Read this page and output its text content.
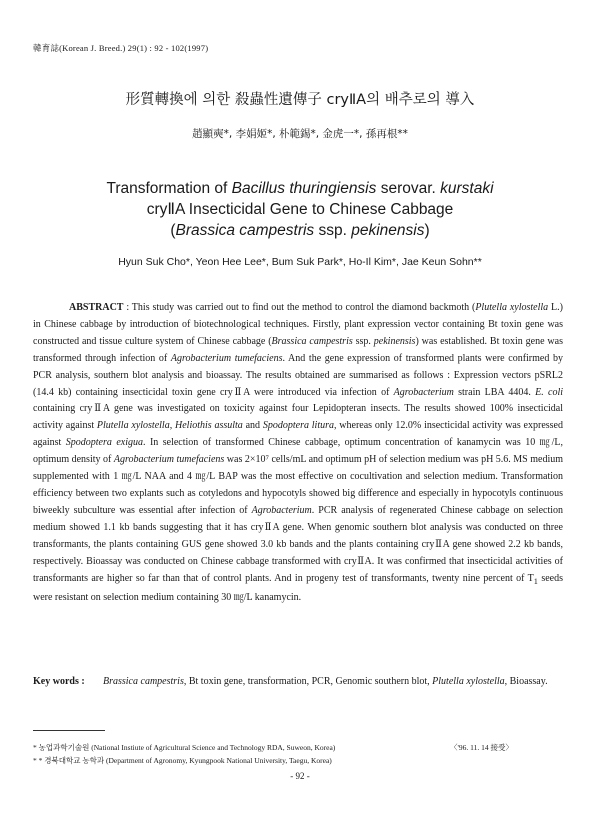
韓育誌(Korean J. Breed.) 29(1) : 92 - 102(1997)
形質轉換에 의한 殺蟲性遺傳子 cryⅡA의 배추로의 導入
趙顯奭*, 李娟姬*, 朴範錫*, 金虎一*, 孫再根**
Transformation of Bacillus thuringiensis serovar. kurstaki
cryⅡA Insecticidal Gene to Chinese Cabbage
(Brassica campestris ssp. pekinensis)
Hyun Suk Cho*, Yeon Hee Lee*, Bum Suk Park*, Ho-Il Kim*, Jae Keun Sohn**

ABSTRACT : This study was carried out to find out the method to control the diamond backmoth (Plutella xylostella L.) in Chinese cabbage by introduction of biotechnological techniques. Firstly, plant expression vector containing Bt toxin gene was constructed and tissue culture system of Chinese cabbage (Brassica campestris ssp. pekinensis) was established. Bt toxin gene was transformed through infection of Agrobacterium tumefaciens. And the gene expression of transformed plants were confirmed by PCR analysis, southern blot analysis and bioassay. The results obtained are summarised as follows : Expression vectors pSRL2 (14.4 kb) containing insecticidal toxin gene cryⅡA were introduced via infection of Agrobacterium strain LBA 4404. E. coli containing cryⅡA gene was investigated on toxicity against four Lepidopteran insects. The results showed 100% insecticidal activity against Plutella xylostella, Heliothis assulta and Spodoptera litura, whereas only 12.0% insecticidal activity was expressed against Spodoptera exigua. In selection of transformed Chinese cabbage, optimum concentration of kanamycin was 10 ㎎/L, optimum density of Agrobacterium tumefaciens was 2×10⁷ cells/mL and optimum pH of selection medium was pH 5.6. MS medium supplemented with 1 ㎎/L NAA and 4 ㎎/L BAP was the most effective on cocultivation and selection medium. Transformation efficiency between two explants such as cotyledons and hypocotyls showed big difference and especially in hypocotyls continuous biweekly subculture was essential after infection of Agrobacterium. PCR analysis of regenerated Chinese cabbage on selection medium showed 1.1 kb bands suggesting that it has cryⅡA gene. When genomic southern blot analysis was conducted on three transformants, the plants containing GUS gene showed 3.0 kb bands and the plants containing cryⅡA gene showed 2.2 kb bands, respectively. Bioassay was conducted on Chinese cabbage transformed with cryⅡA. It was confirmed that insecticidal activities of transformants are higher so far than that of control plants. And in progeny test of transformants, twenty nine percent of $T_1$ seeds were resistant on selection medium containing 30 ㎎/L kanamycin.

Key words : Brassica campestris, Bt toxin gene, transformation, PCR, Genomic southern blot, Plutella xylostella, Bioassay.
* 농업과학기술원 (National Instiute of Agricultural Science and Technology RDA, Suweon, Korea)
* * 경북대학교 농학과 (Department of Agronomy, Kyungpook National University, Taegu, Korea)
〈'96. 11. 14 接受〉
- 92 -
